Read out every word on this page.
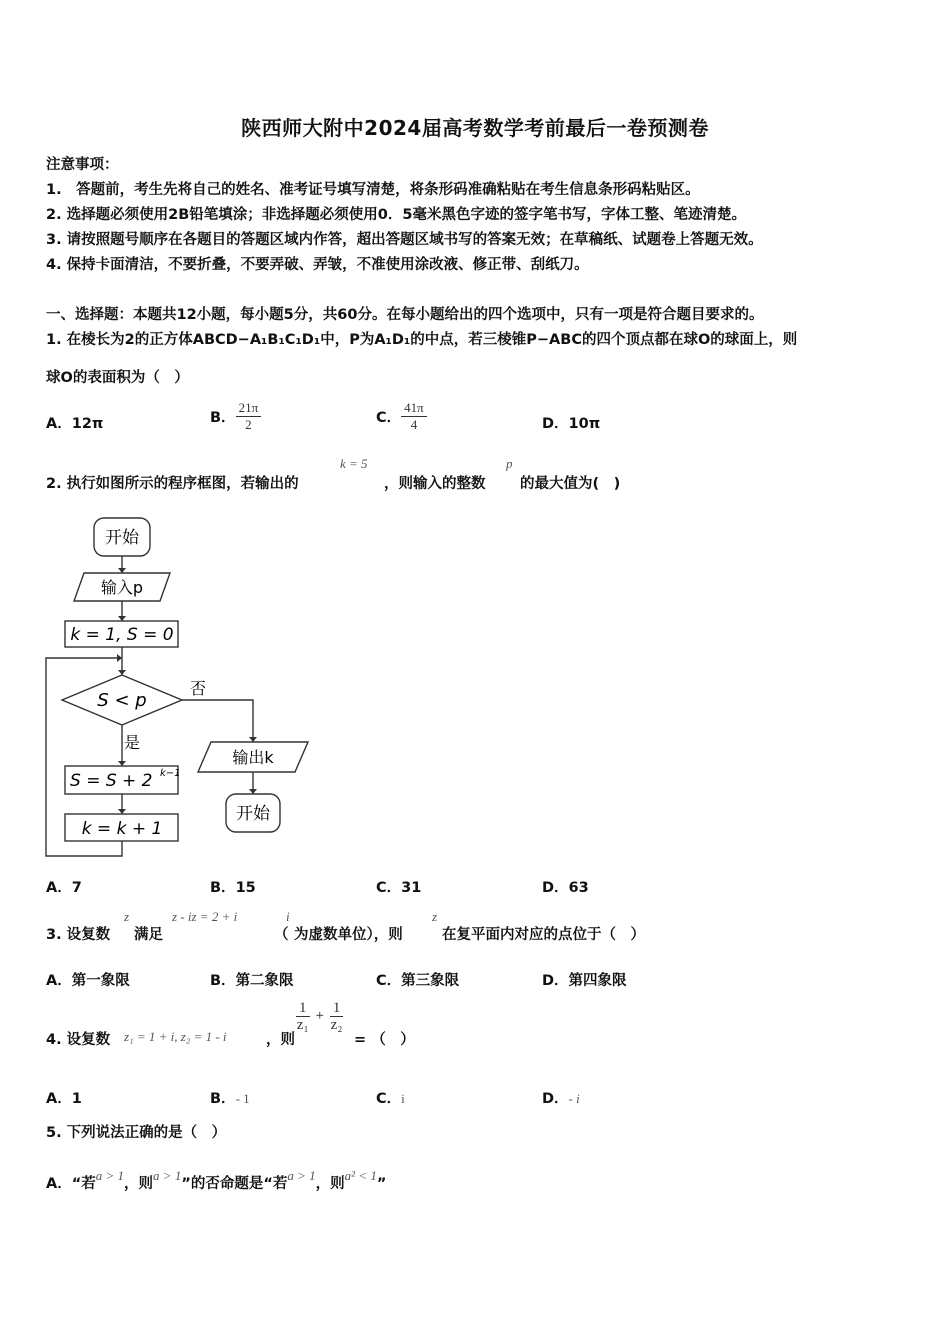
陕西师大附中2024届高考数学考前最后一卷预测卷
注意事项：
1.　答题前，考生先将自己的姓名、准考证号填写清楚，将条形码准确粘贴在考生信息条形码粘贴区。
2. 选择题必须使用2B铅笔填涂；非选择题必须使用0．5毫米黑色字迹的签字笔书写，字体工整、笔迹清楚。
3. 请按照题号顺序在各题目的答题区域内作答，超出答题区域书写的答案无效；在草稿纸、试题卷上答题无效。
4. 保持卡面清洁，不要折叠，不要弄破、弄皱，不准使用涂改液、修正带、刮纸刀。
一、选择题：本题共12小题，每小题5分，共60分。在每小题给出的四个选项中，只有一项是符合题目要求的。
1. 在棱长为2的正方体ABCD−A₁B₁C₁D₁中，P为A₁D₁的中点，若三棱锥P−ABC的四个顶点都在球O的球面上，则
球O的表面积为（　）
A．12π	B． $\frac{21\pi}{2}$	C． $\frac{41\pi}{4}$	D．10π
2. 执行如图所示的程序框图，若输出的
k = 5
，则输入的整数
p
的最大值为(　)
开始
输入p
k = 1, S = 0
S < p
否
是
S = S + 2 k−1
k = k + 1
输出k
开始
A．7	B．15	C．31	D．63
3. 设复数
z
满足
z - iz = 2 + i
（
i
为虚数单位），则
z
在复平面内对应的点位于（　）
A．第一象限	B．第二象限	C．第三象限	D．第四象限
4. 设复数 z₁ = 1 + i, z₂ = 1 - i	，则
$\frac{1}{\text{z₁}} + \frac{1}{\text{z₂}}$
= （　）
A．1	B．- 1	C．i	D．- i
5. 下列说法正确的是（　）
A．“若a > 1，则a > 1”的否命题是“若a > 1，则a² < 1”
